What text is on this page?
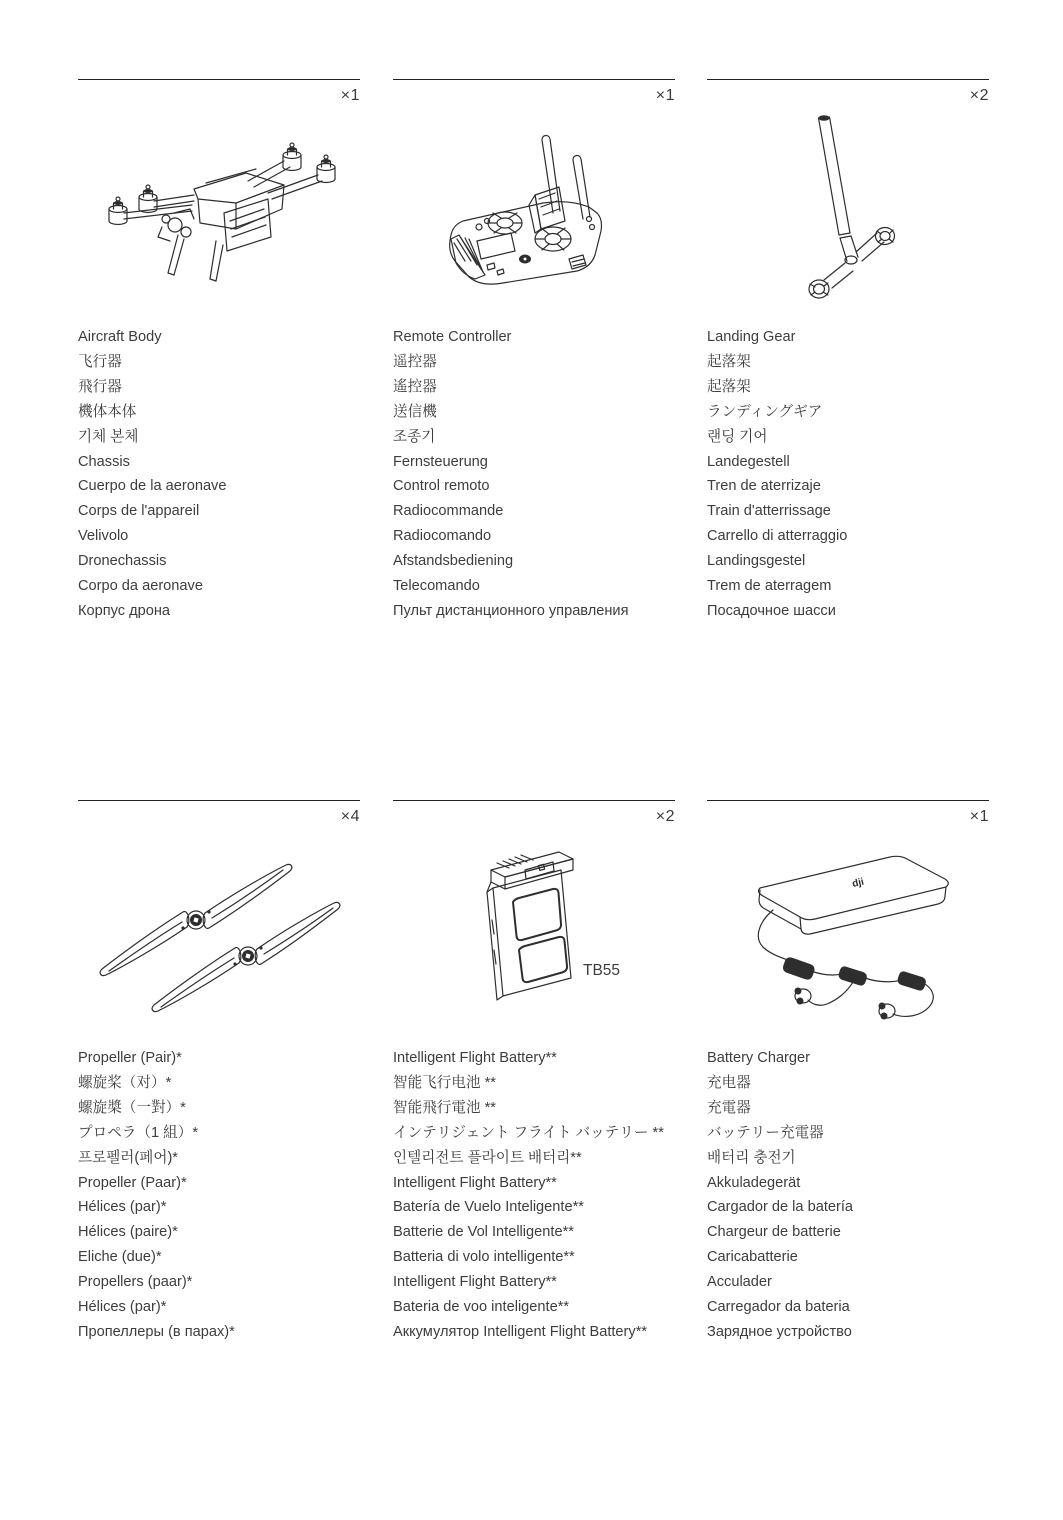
×1

Aircraft Body

飞行器

飛行器

機体本体

기체 본체

Chassis

Cuerpo de la aeronave

Corps de l'appareil

Velivolo

Dronechassis

Corpo da aeronave

Корпус дрона

×1

Remote Controller

遥控器

遙控器

送信機

조종기

Fernsteuerung

Control remoto

Radiocommande

Radiocomando

Afstandsbediening

Telecomando

Пульт дистанционного управления

×2

Landing Gear

起落架

起落架

ランディングギア

랜딩 기어

Landegestell

Tren de aterrizaje

Train d'atterrissage

Carrello di atterraggio

Landingsgestel

Trem de aterragem

Посадочное шасси

×4

Propeller (Pair)*

螺旋桨（对）*

螺旋槳（一對）*

プロペラ（1 組）*

프로펠러(페어)*

Propeller (Paar)*

Hélices (par)*

Hélices (paire)*

Eliche (due)*

Propellers (paar)*

Hélices (par)*

Пропеллеры (в парах)*

×2
TB55

Intelligent Flight Battery**

智能飞行电池 **

智能飛行電池 **

インテリジェント フライト バッテリー **

인텔리전트 플라이트 배터리**

Intelligent Flight Battery**

Batería de Vuelo Inteligente**

Batterie de Vol Intelligente**

Batteria di volo intelligente**

Intelligent Flight Battery**

Bateria de voo inteligente**

Аккумулятор Intelligent Flight Battery**

×1
dji

Battery Charger

充电器

充電器

バッテリー充電器

배터리 충전기

Akkuladegerät

Cargador de la batería

Chargeur de batterie

Caricabatterie

Acculader

Carregador da bateria

Зарядное устройство
